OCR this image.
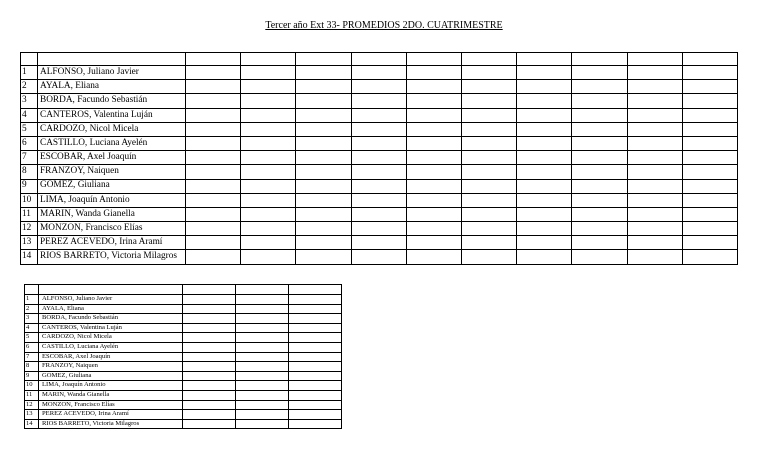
Tercer año Ext 33- PROMEDIOS 2DO. CUATRIMESTRE

1	ALFONSO, Juliano Javier										
2	AYALA, Eliana										
3	BORDA, Facundo Sebastián										
4	CANTEROS, Valentina Luján										
5	CARDOZO, Nicol Micela										
6	CASTILLO, Luciana Ayelén										
7	ESCOBAR, Axel Joaquín										
8	FRANZOY, Naiquen										
9	GOMEZ, Giuliana										
10	LIMA, Joaquín Antonio										
11	MARIN, Wanda Gianella										
12	MONZON, Francisco Elías										
13	PEREZ ACEVEDO, Irina Aramí										
14	RIOS BARRETO, Victoria Milagros										

1	ALFONSO, Juliano Javier			
2	AYALA, Eliana			
3	BORDA, Facundo Sebastián			
4	CANTEROS, Valentina Luján			
5	CARDOZO, Nicol Micela			
6	CASTILLO, Luciana Ayelén			
7	ESCOBAR, Axel Joaquín			
8	FRANZOY, Naiquen			
9	GOMEZ, Giuliana			
10	LIMA, Joaquín Antonio			
11	MARIN, Wanda Gianella			
12	MONZON, Francisco Elías			
13	PEREZ ACEVEDO, Irina Aramí			
14	RIOS BARRETO, Victoria Milagros			
